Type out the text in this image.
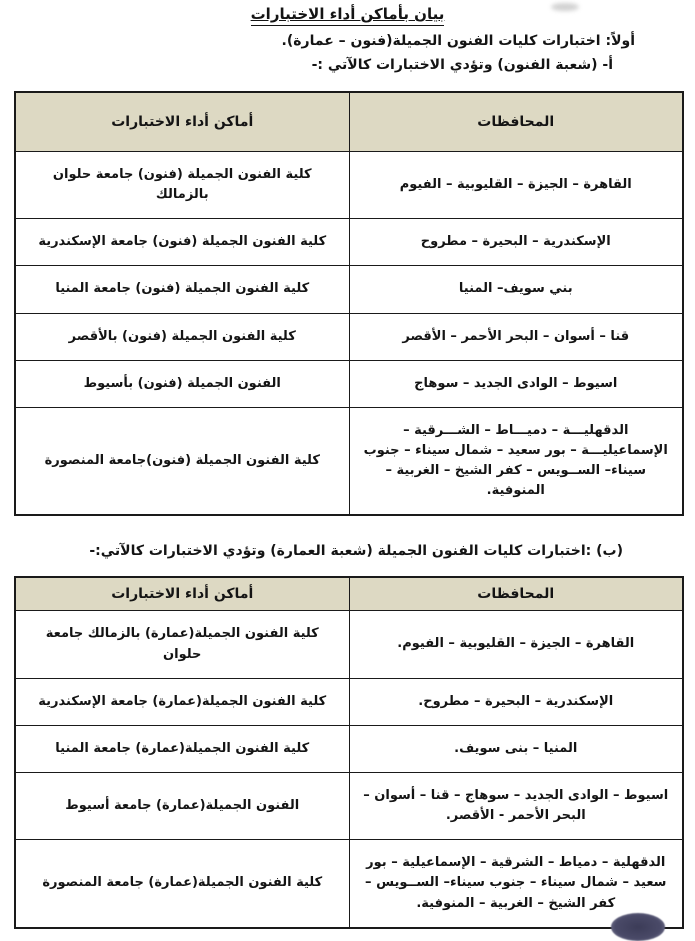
بيان بأماكن أداء الاختبارات
أولاً: اختبارات كليات الفنون الجميلة(فنون – عمارة).
أ- (شعبة الفنون) وتؤدي الاختبارات كالآتي :-
المحافظات	أماكن أداء الاختبارات
القاهرة – الجيزة – القليوبية – الفيوم	كلية الفنون الجميلة (فنون) جامعة حلوان بالزمالك
الإسكندرية – البحيرة – مطروح	كلية الفنون الجميلة (فنون) جامعة الإسكندرية
بني سويف– المنيا	كلية الفنون الجميلة (فنون) جامعة المنيا
قنا – أسوان – البحر الأحمر – الأقصر	كلية الفنون الجميلة (فنون) بالأقصر
اسيوط – الوادى الجديد – سوهاج	الفنون الجميلة (فنون) بأسيوط
الدقهليـــة – دميـــاط – الشـــرقية – الإسماعيليـــة – بور سعيد – شمال سيناء – جنوب سيناء– الســويس – كفر الشيخ – الغربية – المنوفية.	كلية الفنون الجميلة (فنون)جامعة المنصورة
(ب) :اختبارات كليات الفنون الجميلة (شعبة العمارة) وتؤدي الاختبارات كالآتي:-
المحافظات	أماكن أداء الاختبارات
القاهرة – الجيزة – القليوبية – الفيوم.	كلية الفنون الجميلة(عمارة) بالزمالك جامعة حلوان
الإسكندرية – البحيرة – مطروح.	كلية الفنون الجميلة(عمارة) جامعة الإسكندرية
المنيا – بنى سويف.	كلية الفنون الجميلة(عمارة) جامعة المنيا
اسيوط – الوادى الجديد – سوهاج – قنا – أسوان – البحر الأحمر - الأقصر.	الفنون الجميلة(عمارة) جامعة أسيوط
الدقهلية – دمياط – الشرقية – الإسماعيلية – بور سعيد – شمال سيناء – جنوب سيناء– الســويس – كفر الشيخ – الغربية – المنوفية.	كلية الفنون الجميلة(عمارة) جامعة المنصورة
